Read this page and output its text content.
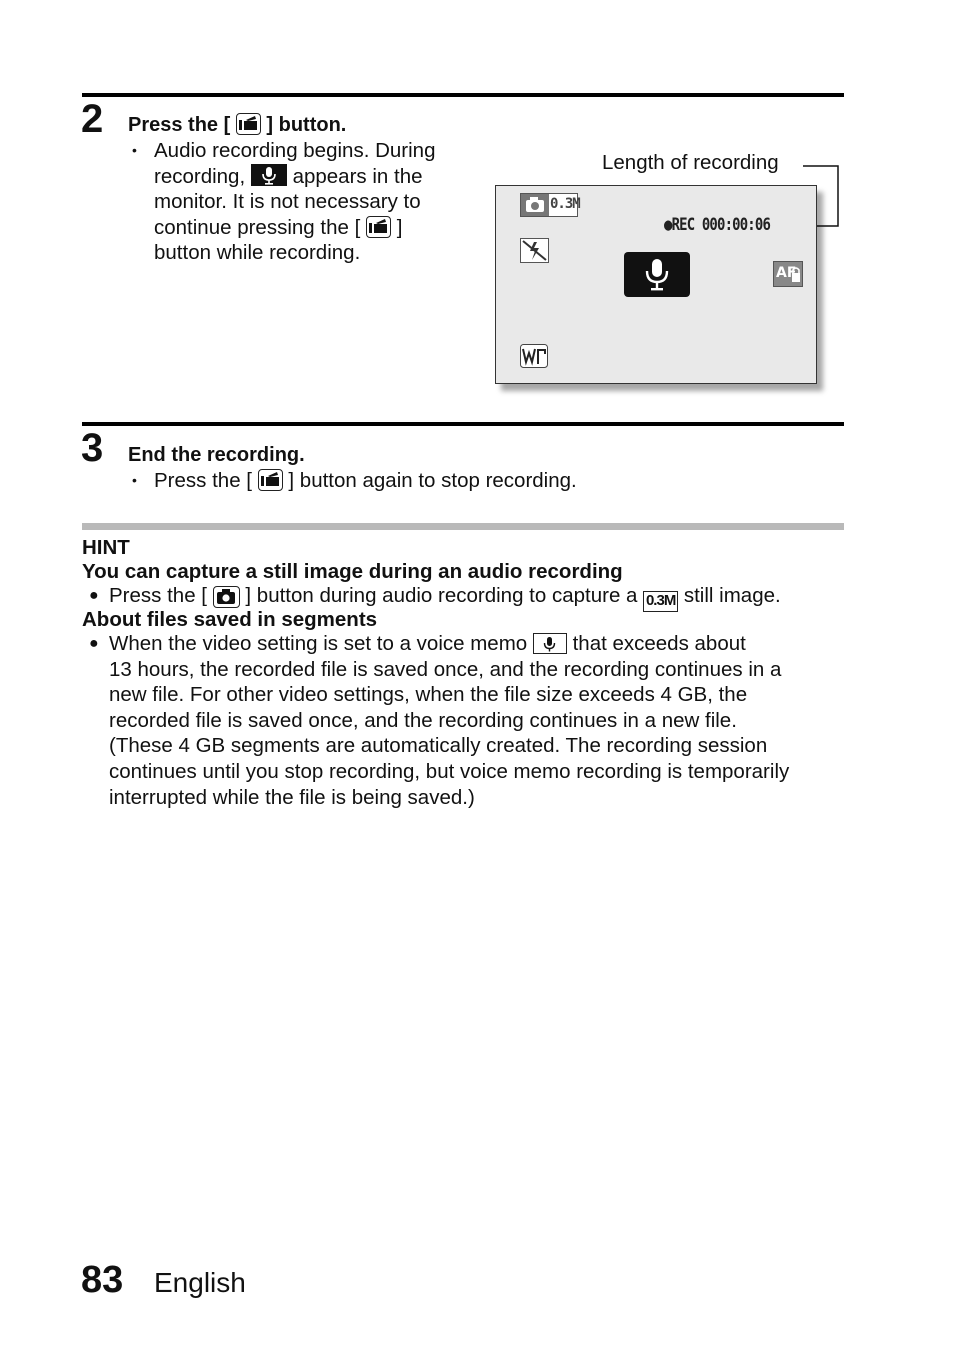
2 Press the [ ] button.
• Audio recording begins. During
recording, appears in the
monitor. It is not necessary to
continue pressing the [ ]
button while recording.
Length of recording
0.3M
●REC 000:00:06
AF
3 End the recording.
• Press the [ ] button again to stop recording.
HINT
You can capture a still image during an audio recording
● Press the [ ] button during audio recording to capture a 0.3M still image.
About files saved in segments
● When the video setting is set to a voice memo that exceeds about
13 hours, the recorded file is saved once, and the recording continues in a
new file. For other video settings, when the file size exceeds 4 GB, the
recorded file is saved once, and the recording continues in a new file.
(These 4 GB segments are automatically created. The recording session
continues until you stop recording, but voice memo recording is temporarily
interrupted while the file is being saved.)
83 English
